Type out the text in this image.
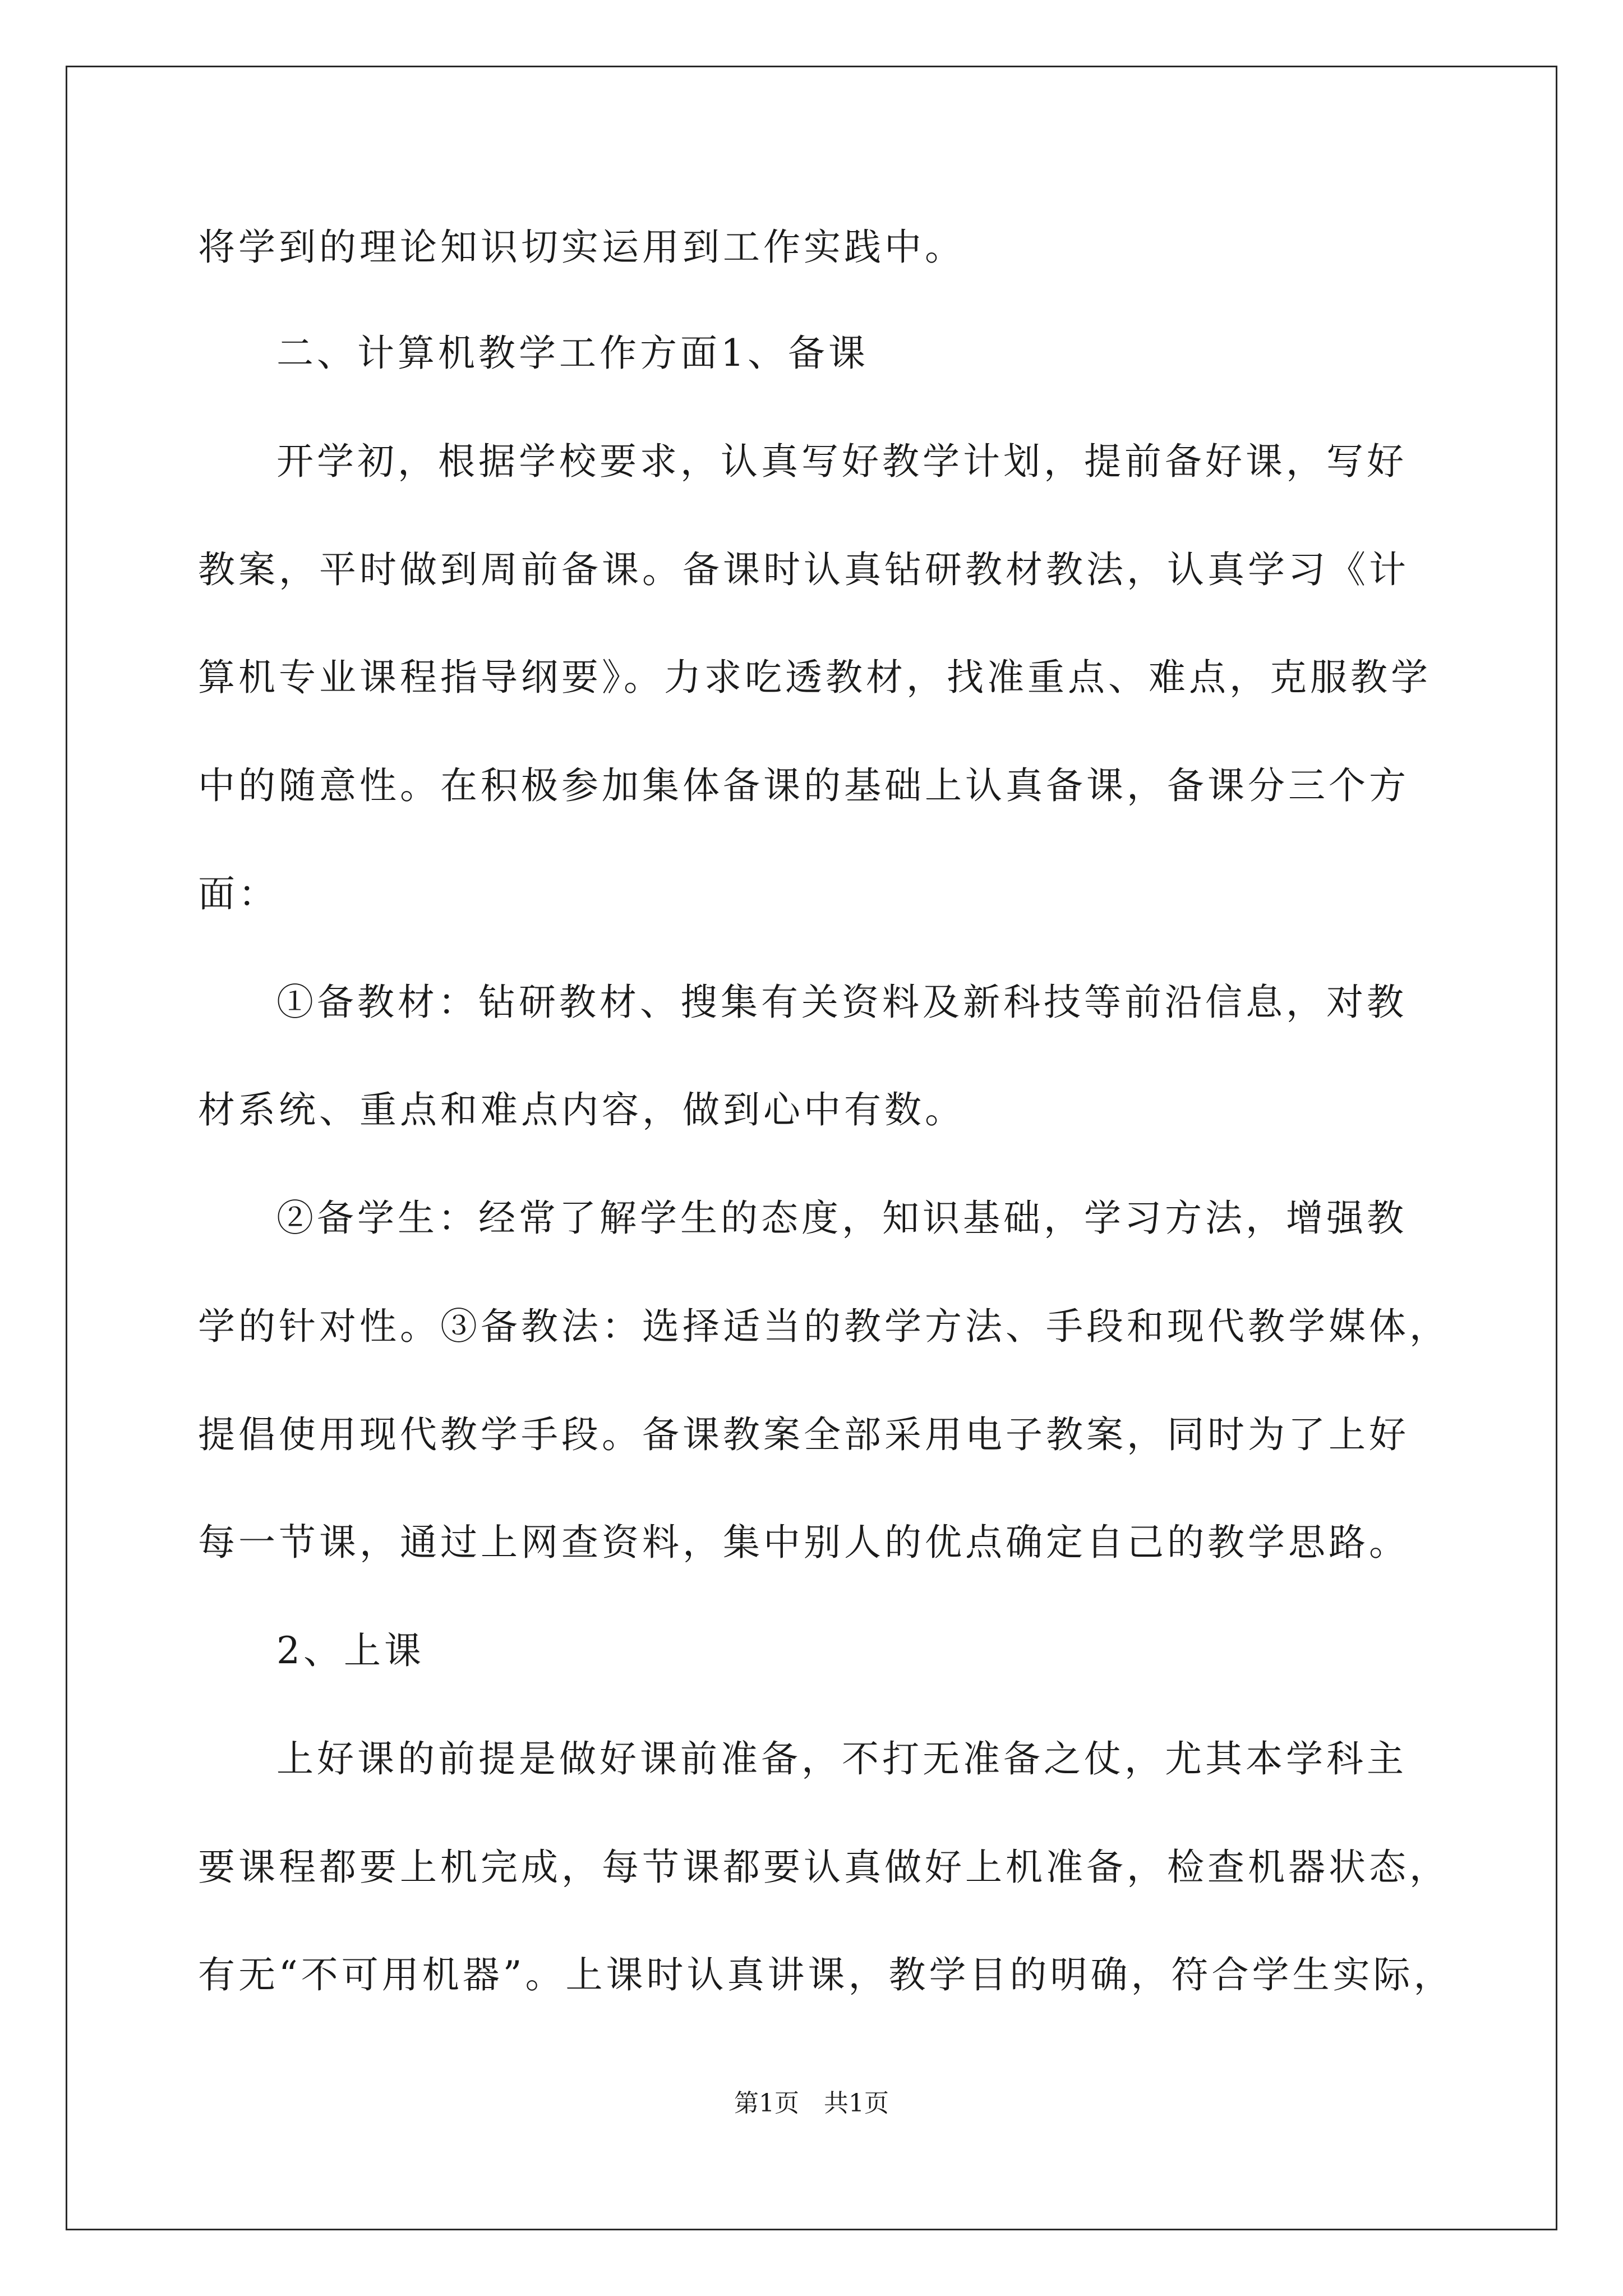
将学到的理论知识切实运用到工作实践中。
二、计算机教学工作方面1、备课
开学初，根据学校要求，认真写好教学计划，提前备好课，写好
教案，平时做到周前备课。备课时认真钻研教材教法，认真学习《计
算机专业课程指导纲要》。力求吃透教材，找准重点、难点，克服教学
中的随意性。在积极参加集体备课的基础上认真备课，备课分三个方
面：
①备教材：钻研教材、搜集有关资料及新科技等前沿信息，对教
材系统、重点和难点内容，做到心中有数。
②备学生：经常了解学生的态度，知识基础，学习方法，增强教
学的针对性。③备教法：选择适当的教学方法、手段和现代教学媒体，
提倡使用现代教学手段。备课教案全部采用电子教案，同时为了上好
每一节课，通过上网查资料，集中别人的优点确定自己的教学思路。
2、上课
上好课的前提是做好课前准备，不打无准备之仗，尤其本学科主
要课程都要上机完成，每节课都要认真做好上机准备，检查机器状态，
有无“不可用机器”。上课时认真讲课，教学目的明确，符合学生实际，
第1页 共1页
